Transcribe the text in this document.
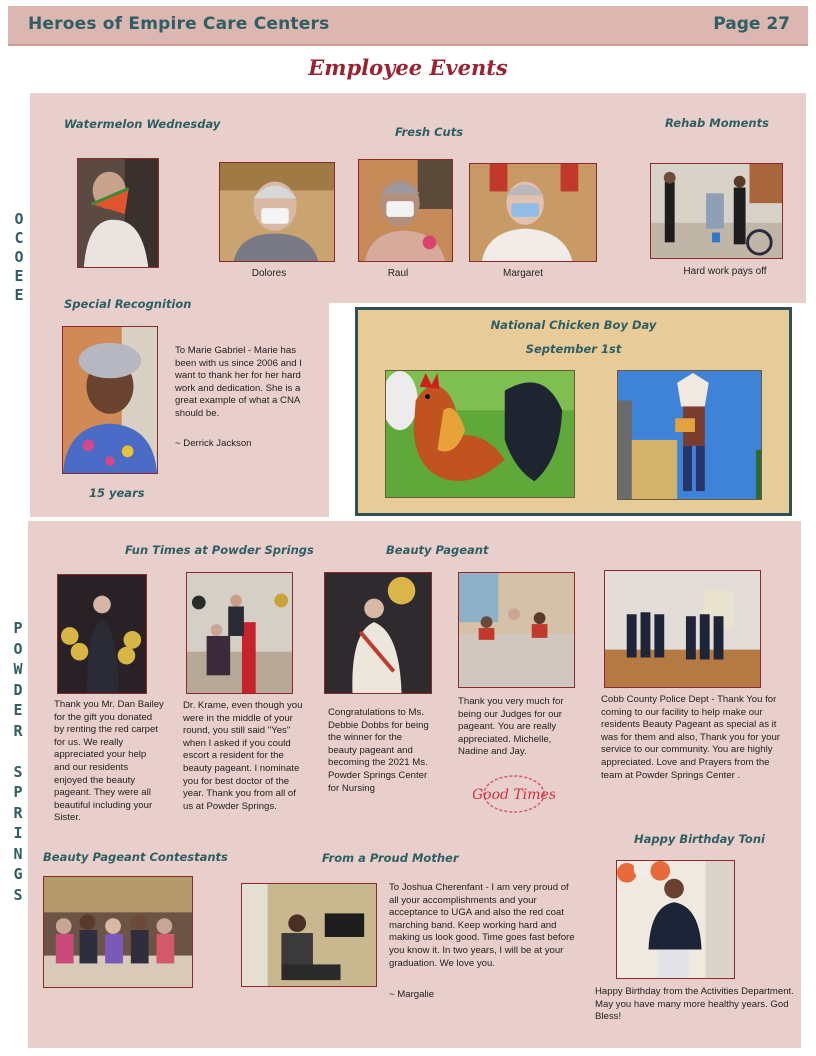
Heroes of Empire Care Centers	Page 27
Employee Events
O
C
O
E
E
P
O
W
D
E
R

S
P
R
I
N
G
S
Watermelon Wednesday
Fresh Cuts
Rehab Moments
Dolores	Raul	Margaret	Hard work pays off
Special Recognition
To Marie Gabriel - Marie has been with us since 2006 and I want to thank her for her hard work and dedication. She is a great example of what a CNA should be.
~ Derrick Jackson
15 years
National Chicken Boy Day
September 1st
Fun Times at Powder Springs	Beauty Pageant
Thank you Mr. Dan Bailey for the gift you donated by renting the red carpet for us. We really appreciated your help and our residents enjoyed the beauty pageant. They were all beautiful including your Sister.
Dr. Krame, even though you were in the middle of your round, you still said "Yes" when I asked if you could escort a resident for the beauty pageant. I nominate you for best doctor of the year. Thank you from all of us at Powder Springs.
Congratulations to Ms. Debbie Dobbs for being the winner for the beauty pageant and becoming the 2021 Ms. Powder Springs Center for Nursing
Thank you very much for being our Judges for our pageant. You are really appreciated. Michelle, Nadine and Jay.
Cobb County Police Dept - Thank You for coming to our facility to help make our residents Beauty Pageant as special as it was for them and also, Thank you for your service to our community. You are highly appreciated. Love and Prayers from the team at Powder Springs Center .
Good Times
Beauty Pageant Contestants	From a Proud Mother
Happy Birthday Toni
To Joshua Cherenfant - I am very proud of all your accomplishments and your acceptance to UGA and also the red coat marching band. Keep working hard and making us look good. Time goes fast before you know it. In two years, I will be at your graduation. We love you.
~ Margalie	Happy Birthday from the Activities Department. May you have many more healthy years. God Bless!
